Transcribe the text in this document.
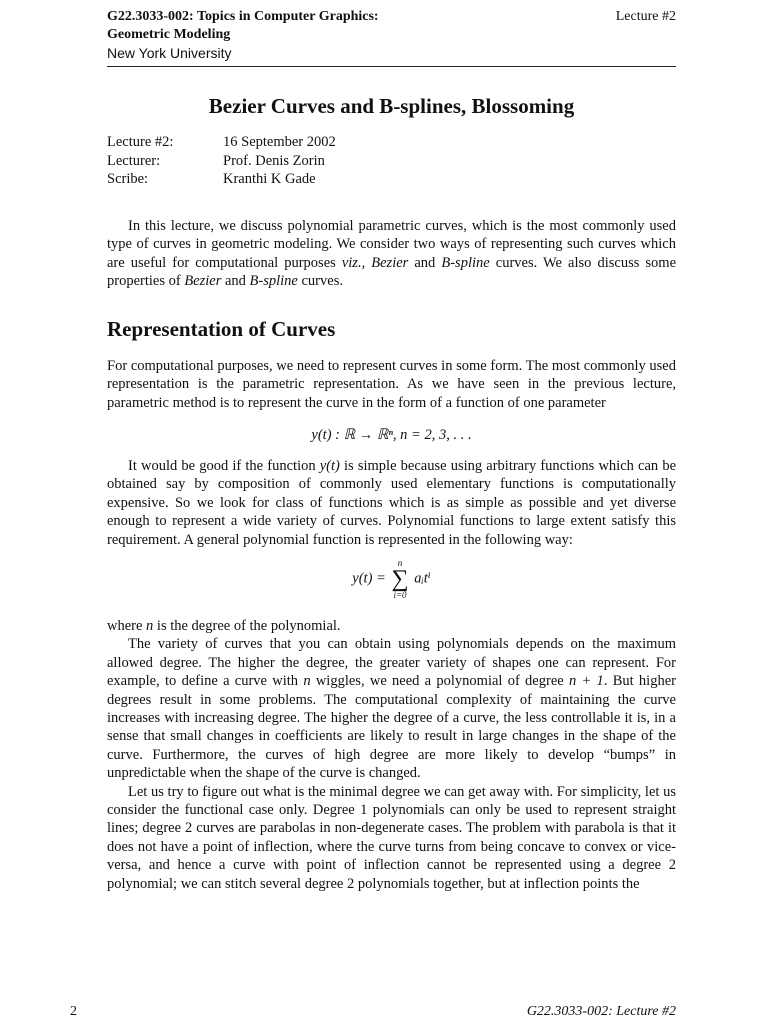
G22.3033-002: Topics in Computer Graphics:
Geometric Modeling
New York University
Lecture #2
Bezier Curves and B-splines, Blossoming
Lecture #2:	16 September 2002
Lecturer:	Prof. Denis Zorin
Scribe:	Kranthi K Gade

In this lecture, we discuss polynomial parametric curves, which is the most commonly used type of curves in geometric modeling. We consider two ways of representing such curves which are useful for computational purposes viz., Bezier and B-spline curves. We also discuss some properties of Bezier and B-spline curves.

Representation of Curves

For computational purposes, we need to represent curves in some form. The most commonly used representation is the parametric representation. As we have seen in the previous lecture, parametric method is to represent the curve in the form of a function of one parameter

y(t) : ℝ → ℝⁿ, n = 2, 3, . . .

It would be good if the function y(t) is simple because using arbitrary functions which can be obtained say by composition of commonly used elementary functions is computationally expensive. So we look for class of functions which is as simple as possible and yet diverse enough to represent a wide variety of curves. Polynomial functions to large extent satisfy this requirement. A general polynomial function is represented in the following way:

y(t) =
n
∑
i=0
aᵢtⁱ

where n is the degree of the polynomial.

The variety of curves that you can obtain using polynomials depends on the maximum allowed degree. The higher the degree, the greater variety of shapes one can represent. For example, to define a curve with n wiggles, we need a polynomial of degree n + 1. But higher degrees result in some problems. The computational complexity of maintaining the curve increases with increasing degree. The higher the degree of a curve, the less controllable it is, in a sense that small changes in coefficients are likely to result in large changes in the shape of the curve. Furthermore, the curves of high degree are more likely to develop “bumps” in unpredictable when the shape of the curve is changed.

Let us try to figure out what is the minimal degree we can get away with. For simplicity, let us consider the functional case only. Degree 1 polynomials can only be used to represent straight lines; degree 2 curves are parabolas in non-degenerate cases. The problem with parabola is that it does not have a point of inflection, where the curve turns from being concave to convex or vice-versa, and hence a curve with point of inflection cannot be represented using a degree 2 polynomial; we can stitch several degree 2 polynomials together, but at inflection points the

2	G22.3033-002: Lecture #2
